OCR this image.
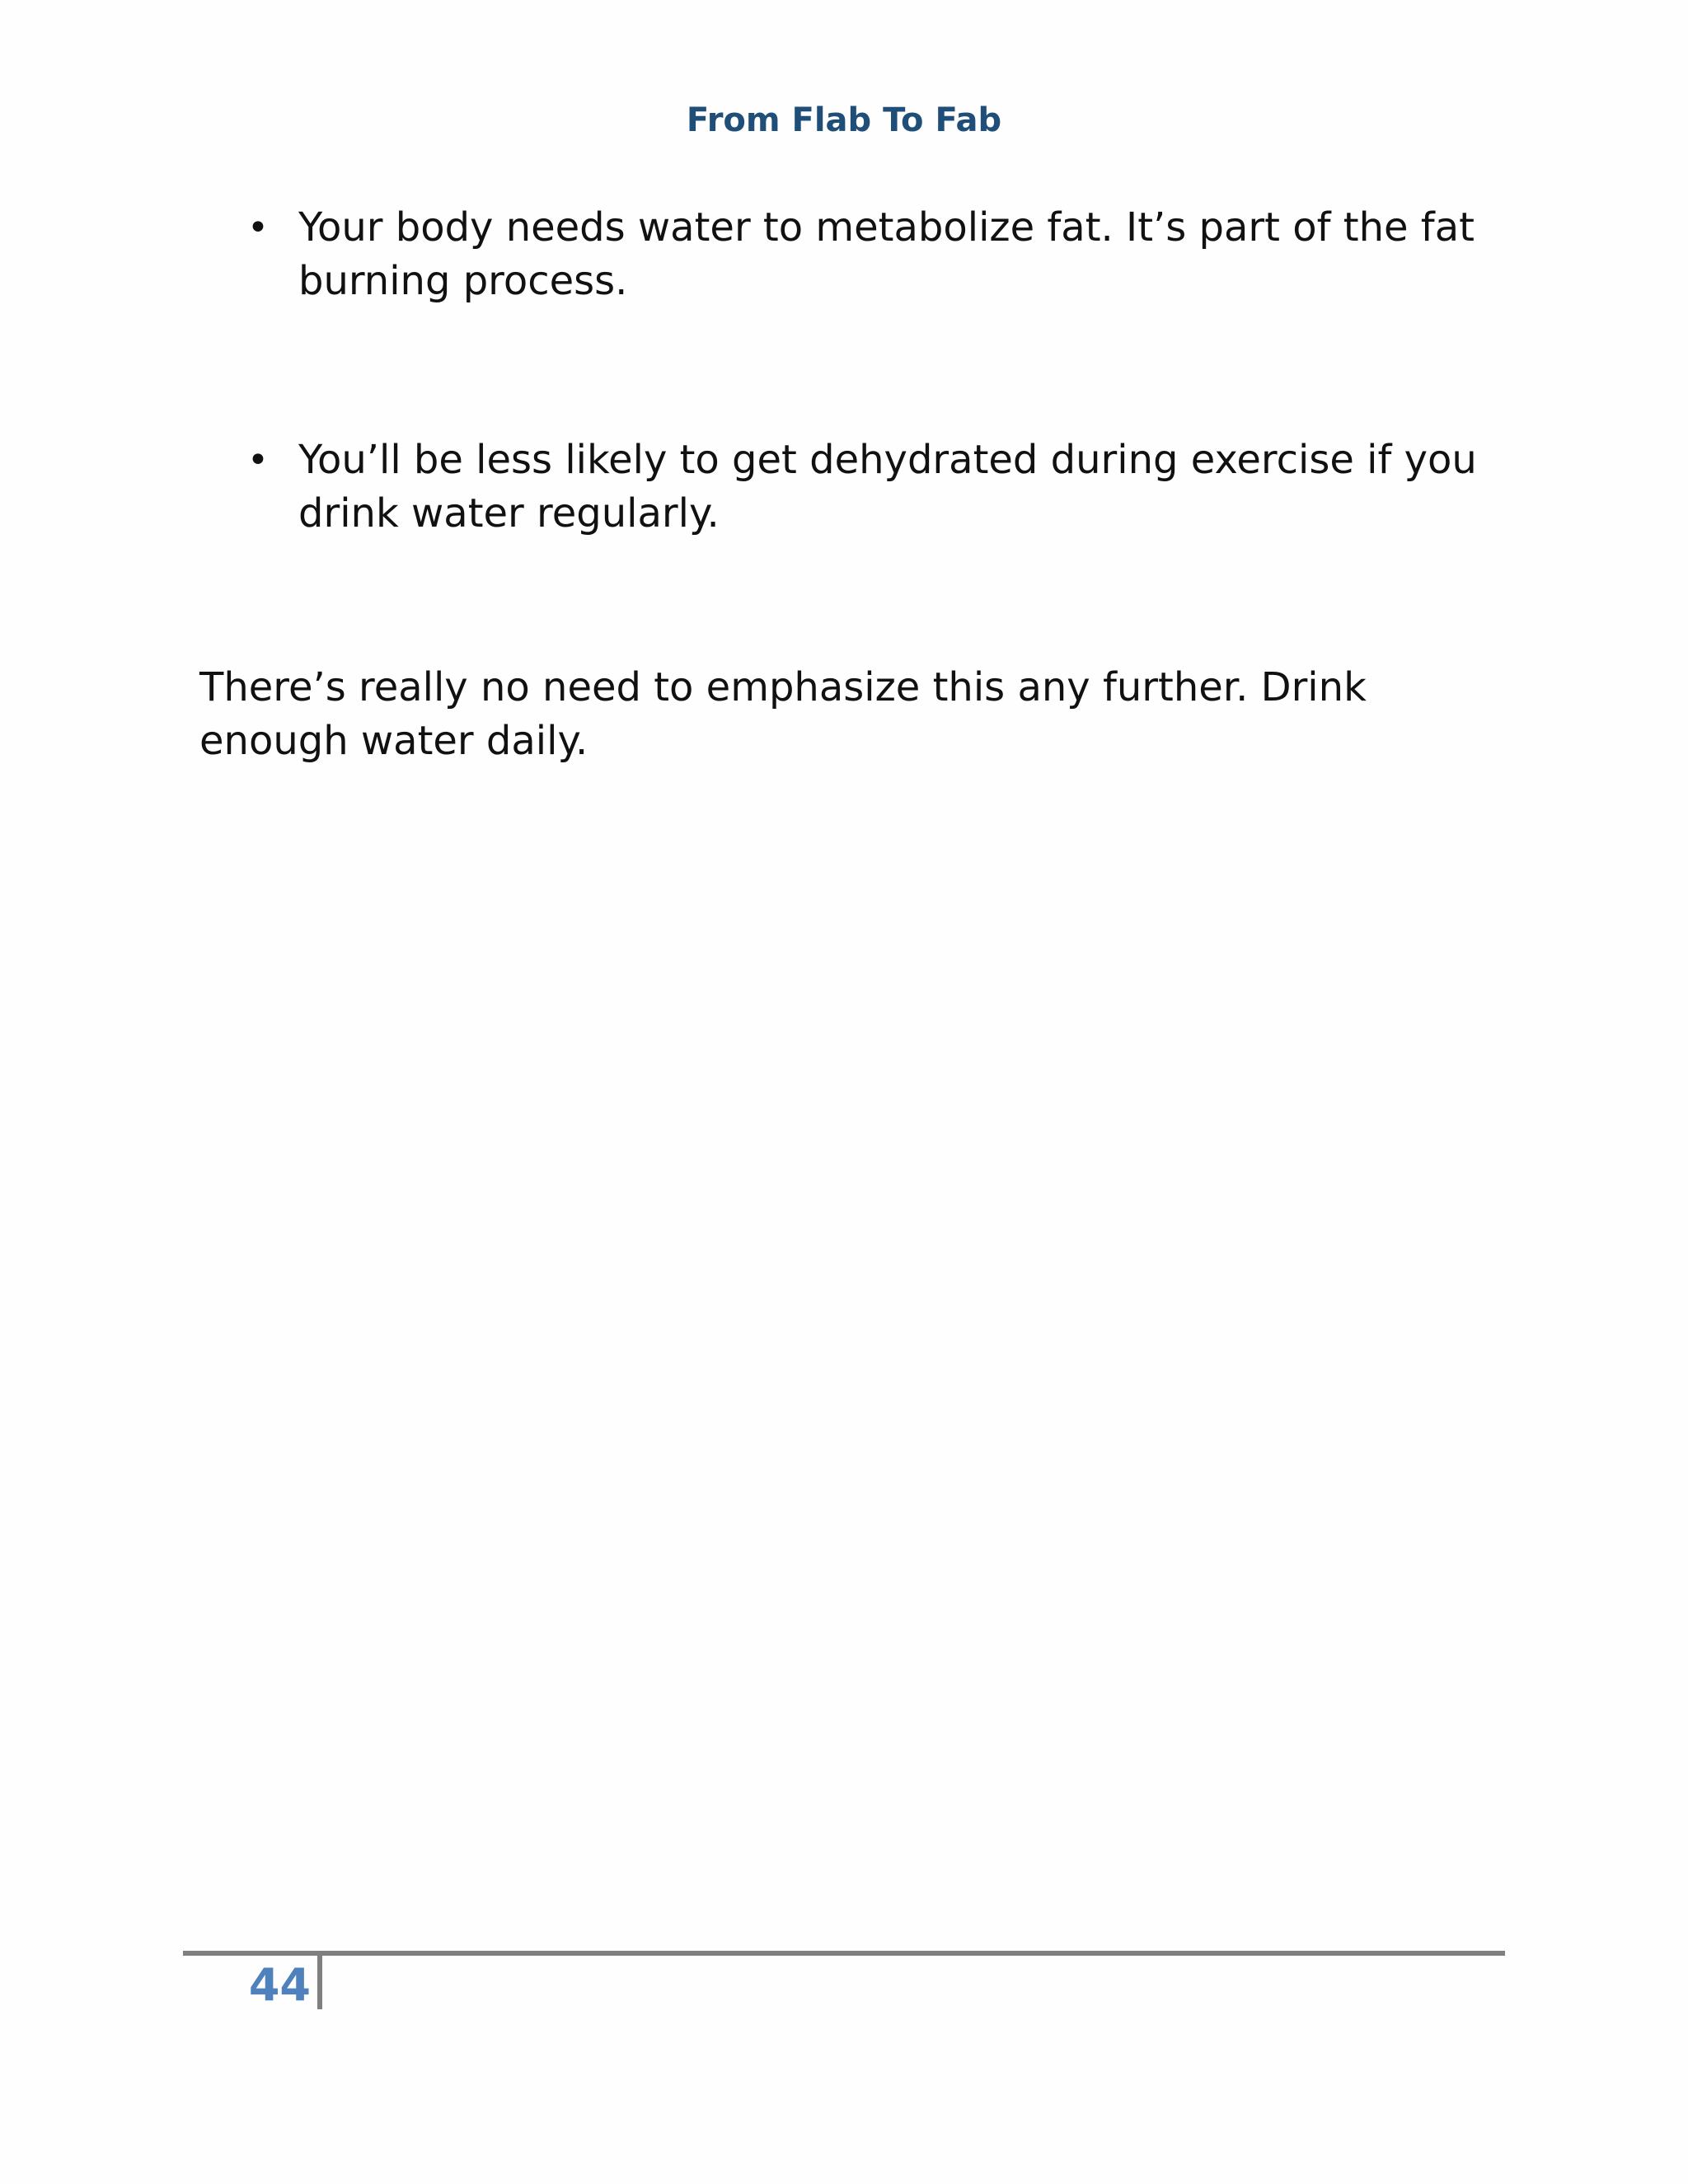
From Flab To Fab
• Your body needs water to metabolize fat. It’s part of the fat burning process.
• You’ll be less likely to get dehydrated during exercise if you drink water regularly.

There’s really no need to emphasize this any further. Drink enough water daily.

44
